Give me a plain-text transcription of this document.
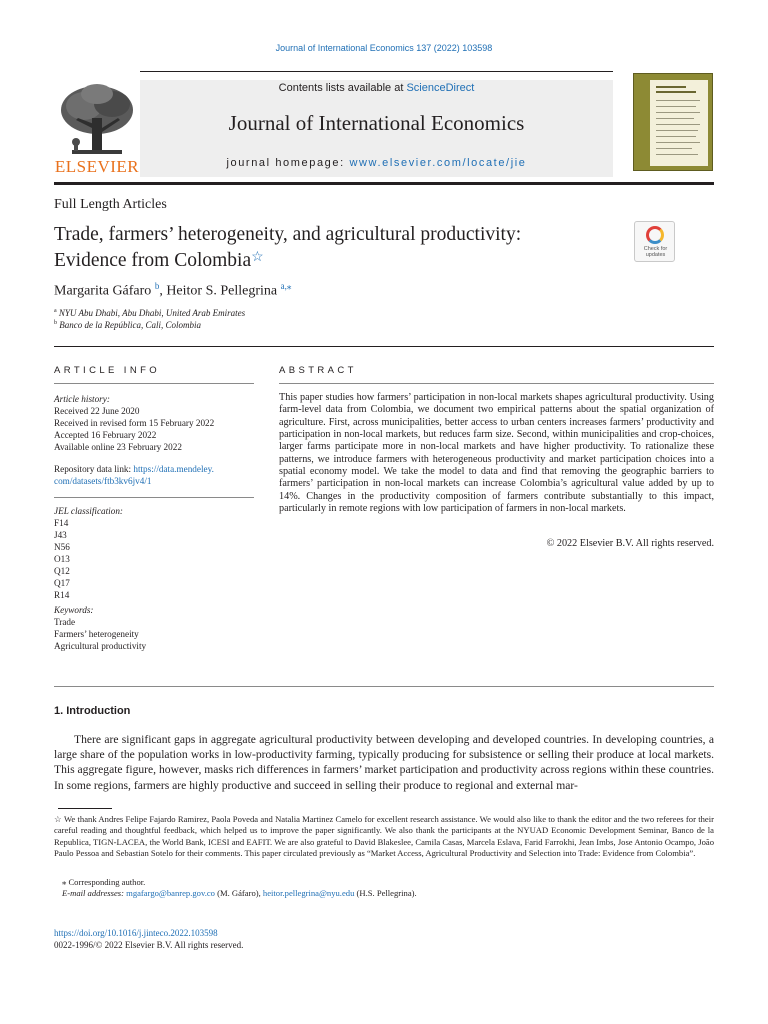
Journal of International Economics 137 (2022) 103598
ELSEVIER
Contents lists available at ScienceDirect
Journal of International Economics
journal homepage: www.elsevier.com/locate/jie
Full Length Articles
Trade, farmers’ heterogeneity, and agricultural productivity:
Evidence from Colombia☆
Check for updates
Margarita Gáfaro $^b$, Heitor S. Pellegrina $^{a,⁎}$
$^a$ NYU Abu Dhabi, Abu Dhabi, United Arab Emirates
$^b$ Banco de la República, Cali, Colombia
ARTICLE INFO
Article history:
Received 22 June 2020
Received in revised form 15 February 2022
Accepted 16 February 2022
Available online 23 February 2022
Repository data link: https://data.mendeley.
com/datasets/ftb3kv6jv4/1
JEL classification:
F14
J43
N56
O13
Q12
Q17
R14
Keywords:
Trade
Farmers’ heterogeneity
Agricultural productivity
ABSTRACT
This paper studies how farmers’ participation in non-local markets shapes agricultural productivity. Using farm-level data from Colombia, we document two empirical patterns about the spatial organization of agriculture. First, across municipalities, better access to urban centers increases farmers’ productivity and participation in non-local markets, but reduces farm size. Second, within municipalities and crop-choices, larger farms participate more in non-local markets and have higher productivity. To rationalize these patterns, we introduce farmers with heterogeneous productivity and market participation choices into a spatial economy model. We take the model to data and find that removing the geographic barriers to farmers’ participation in non-local markets can increase Colombia’s agricultural value added by up to 14%. Changes in the productivity composition of farmers contribute substantially to this impact, particularly in remote regions with low participation of farmers in non-local markets.
© 2022 Elsevier B.V. All rights reserved.
1. Introduction
There are significant gaps in aggregate agricultural productivity between developing and developed countries. In developing countries, a large share of the population works in low-productivity farming, typically producing for subsistence or selling their produce at local markets. This aggregate figure, however, masks rich differences in farmers’ market participation and productivity across regions within these countries. In some regions, farmers are highly productive and succeed in selling their produce to regional and external mar-
☆ We thank Andres Felipe Fajardo Ramirez, Paola Poveda and Natalia Martinez Camelo for excellent research assistance. We would also like to thank the editor and the two referees for their careful reading and thoughtful feedback, which helped us to improve the paper significantly. We also thank the participants at the NYUAD Economic Development Seminar, Banco de la Republica, TIGN-LACEA, the World Bank, ICESI and EAFIT. We are also grateful to David Blakeslee, Camila Casas, Marcela Eslava, Farid Farrokhi, Jean Imbs, Jose Antonio Ocampo, João Paulo Pessoa and Sebastian Sotelo for their comments. This paper circulated previously as “Market Access, Agricultural Productivity and Selection into Trade: Evidence from Colombia”.
⁎ Corresponding author.
E-mail addresses: mgafargo@banrep.gov.co (M. Gáfaro), heitor.pellegrina@nyu.edu (H.S. Pellegrina).
https://doi.org/10.1016/j.jinteco.2022.103598
0022-1996/© 2022 Elsevier B.V. All rights reserved.
